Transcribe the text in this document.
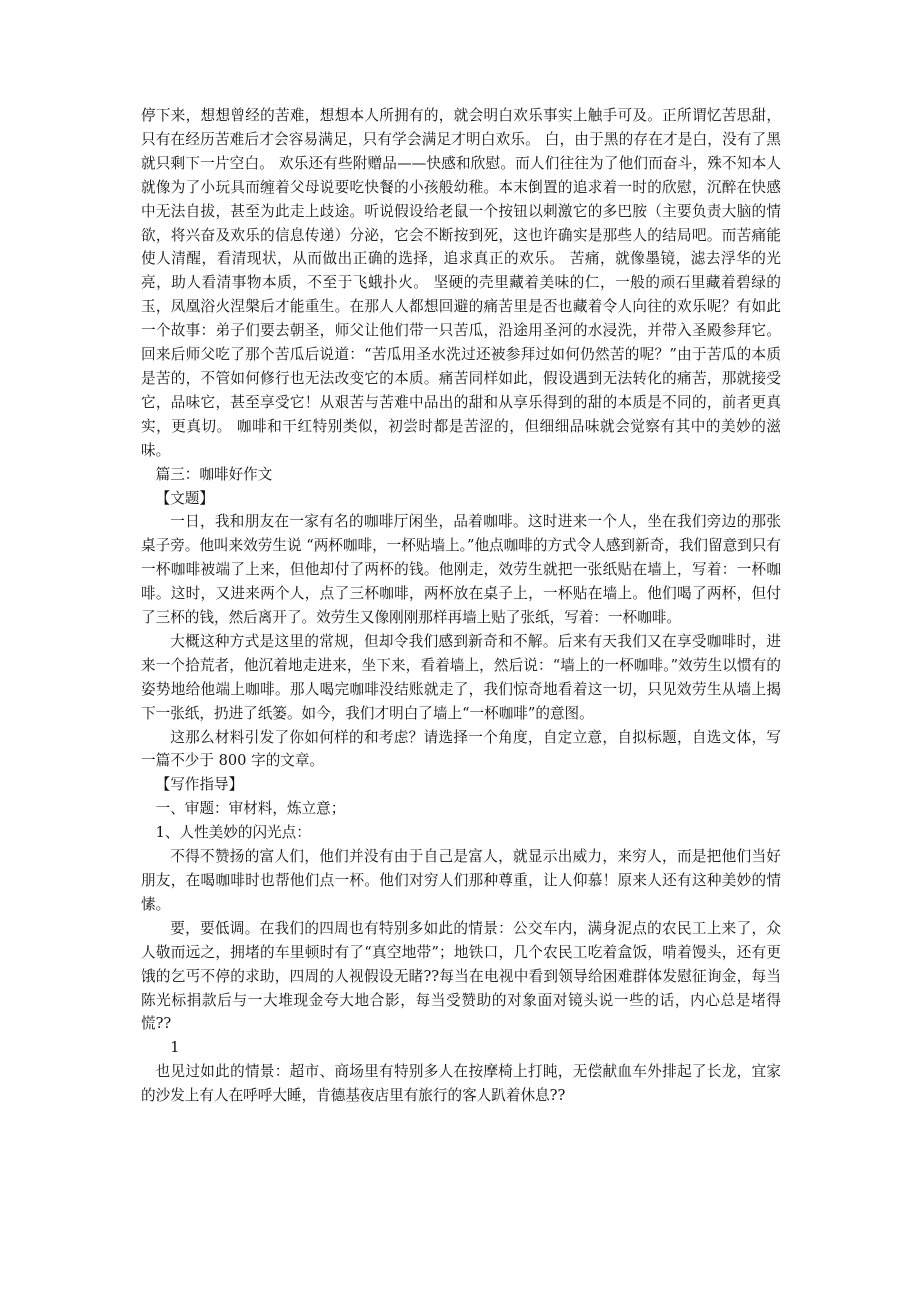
停下来，想想曾经的苦难，想想本人所拥有的，就会明白欢乐事实上触手可及。正所谓忆苦思甜，只有在经历苦难后才会容易满足，只有学会满足才明白欢乐。 白，由于黑的存在才是白，没有了黑就只剩下一片空白。 欢乐还有些附赠品——快感和欣慰。而人们往往为了他们而奋斗，殊不知本人就像为了小玩具而缠着父母说要吃快餐的小孩般幼稚。本末倒置的追求着一时的欣慰，沉醉在快感中无法自拔，甚至为此走上歧途。听说假设给老鼠一个按钮以刺激它的多巴胺（主要负责大脑的情欲，将兴奋及欢乐的信息传递）分泌，它会不断按到死，这也许确实是那些人的结局吧。而苦痛能使人清醒，看清现状，从而做出正确的选择，追求真正的欢乐。 苦痛，就像墨镜，滤去浮华的光亮，助人看清事物本质，不至于飞蛾扑火。 坚硬的壳里藏着美味的仁，一般的顽石里藏着碧绿的玉，凤凰浴火涅槃后才能重生。在那人人都想回避的痛苦里是否也藏着令人向往的欢乐呢？有如此一个故事：弟子们要去朝圣，师父让他们带一只苦瓜，沿途用圣河的水浸洗，并带入圣殿参拜它。回来后师父吃了那个苦瓜后说道：“苦瓜用圣水洗过还被参拜过如何仍然苦的呢？”由于苦瓜的本质是苦的，不管如何修行也无法改变它的本质。痛苦同样如此，假设遇到无法转化的痛苦，那就接受它，品味它，甚至享受它！从艰苦与苦难中品出的甜和从享乐得到的甜的本质是不同的，前者更真实，更真切。 咖啡和干红特别类似，初尝时都是苦涩的，但细细品味就会觉察有其中的美妙的滋味。

篇三：咖啡好作文

【文题】

一日，我和朋友在一家有名的咖啡厅闲坐，品着咖啡。这时进来一个人，坐在我们旁边的那张桌子旁。他叫来效劳生说 “两杯咖啡，一杯贴墙上。”他点咖啡的方式令人感到新奇，我们留意到只有一杯咖啡被端了上来，但他却付了两杯的钱。他刚走，效劳生就把一张纸贴在墙上，写着：一杯咖啡。这时，又进来两个人，点了三杯咖啡，两杯放在桌子上，一杯贴在墙上。他们喝了两杯，但付了三杯的钱，然后离开了。效劳生又像刚刚那样再墙上贴了张纸，写着：一杯咖啡。

大概这种方式是这里的常规，但却令我们感到新奇和不解。后来有天我们又在享受咖啡时，进来一个拾荒者，他沉着地走进来，坐下来，看着墙上，然后说：“墙上的一杯咖啡。”效劳生以惯有的姿势地给他端上咖啡。那人喝完咖啡没结账就走了，我们惊奇地看着这一切，只见效劳生从墙上揭下一张纸，扔进了纸篓。如今，我们才明白了墙上“一杯咖啡”的意图。

这那么材料引发了你如何样的和考虑？请选择一个角度，自定立意，自拟标题，自选文体，写一篇不少于 800 字的文章。

【写作指导】

一、审题：审材料，炼立意；

1、人性美妙的闪光点：

不得不赞扬的富人们，他们并没有由于自己是富人，就显示出威力，来穷人，而是把他们当好朋友，在喝咖啡时也帮他们点一杯。他们对穷人们那种尊重，让人仰慕！原来人还有这种美妙的情愫。

要，要低调。在我们的四周也有特别多如此的情景：公交车内，满身泥点的农民工上来了，众人敬而远之，拥堵的车里顿时有了“真空地带”；地铁口，几个农民工吃着盒饭，啃着馒头，还有更饿的乞丐不停的求助，四周的人视假设无睹??每当在电视中看到领导给困难群体发慰征询金，每当陈光标捐款后与一大堆现金夸大地合影，每当受赞助的对象面对镜头说一些的话，内心总是堵得慌??

1

也见过如此的情景：超市、商场里有特别多人在按摩椅上打盹，无偿献血车外排起了长龙，宜家的沙发上有人在呼呼大睡，肯德基夜店里有旅行的客人趴着休息??
